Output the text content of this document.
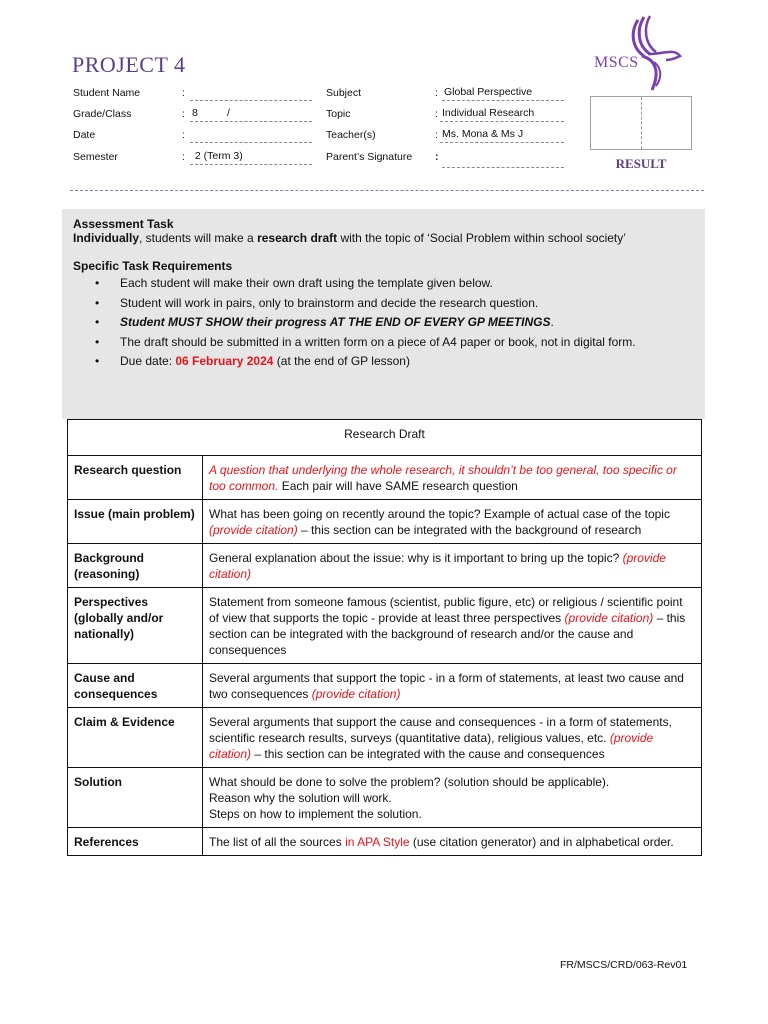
PROJECT 4
Student Name	:
Grade/Class	: 8          /
Date	:
Semester	: 2 (Term 3)
Subject	: Global Perspective
Topic	: Individual Research
Teacher(s)	: Ms. Mona & Ms J
Parent’s Signature :
MSCS
RESULT

Assessment Task

Individually, students will make a research draft with the topic of ‘Social Problem within school society’

Specific Task Requirements

• Each student will make their own draft using the template given below.
• Student will work in pairs, only to brainstorm and decide the research question.
• Student MUST SHOW their progress AT THE END OF EVERY GP MEETINGS.
• The draft should be submitted in a written form on a piece of A4 paper or book, not in digital form.
• Due date: 06 February 2024 (at the end of GP lesson)
Research Draft	
Research question	A question that underlying the whole research, it shouldn’t be too general, too specific or too common. Each pair will have SAME research question
Issue (main problem)	What has been going on recently around the topic? Example of actual case of the topic (provide citation) – this section can be integrated with the background of research
Background (reasoning)	General explanation about the issue: why is it important to bring up the topic? (provide citation)
Perspectives (globally and/or nationally)	Statement from someone famous (scientist, public figure, etc) or religious / scientific point of view that supports the topic - provide at least three perspectives (provide citation) – this section can be integrated with the background of research and/or the cause and consequences
Cause and consequences	Several arguments that support the topic - in a form of statements, at least two cause and two consequences (provide citation)
Claim & Evidence	Several arguments that support the cause and consequences - in a form of statements, scientific research results, surveys (quantitative data), religious values, etc. (provide citation) – this section can be integrated with the cause and consequences
Solution	What should be done to solve the problem? (solution should be applicable).
Reason why the solution will work.
Steps on how to implement the solution.

References	The list of all the sources in APA Style (use citation generator) and in alphabetical order.
FR/MSCS/CRD/063-Rev01
